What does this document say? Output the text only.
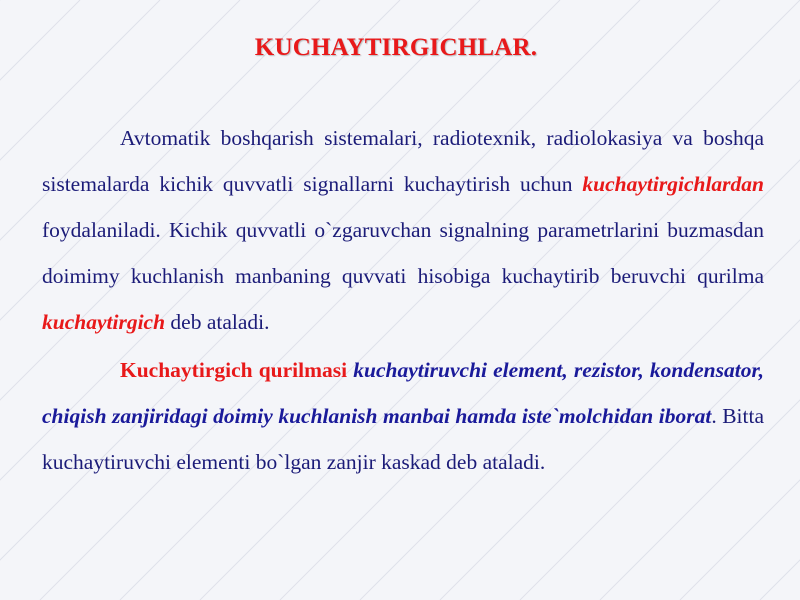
KUCHAYTIRGICHLAR.

Avtomatik boshqarish sistemalari, radiotexnik, radiolokasiya va boshqa sistemalarda kichik quvvatli signallarni kuchaytirish uchun kuchaytirgichlardan foydalaniladi. Kichik quvvatli o`zgaruvchan signalning parametrlarini buzmasdan doimimy kuchlanish manbaning quvvati hisobiga kuchaytirib beruvchi qurilma kuchaytirgich deb ataladi.

Kuchaytirgich qurilmasi kuchaytiruvchi element, rezistor, kondensator, chiqish zanjiridagi doimiy kuchlanish manbai hamda iste`molchidan iborat. Bitta kuchaytiruvchi elementi bo`lgan zanjir kaskad deb ataladi.
